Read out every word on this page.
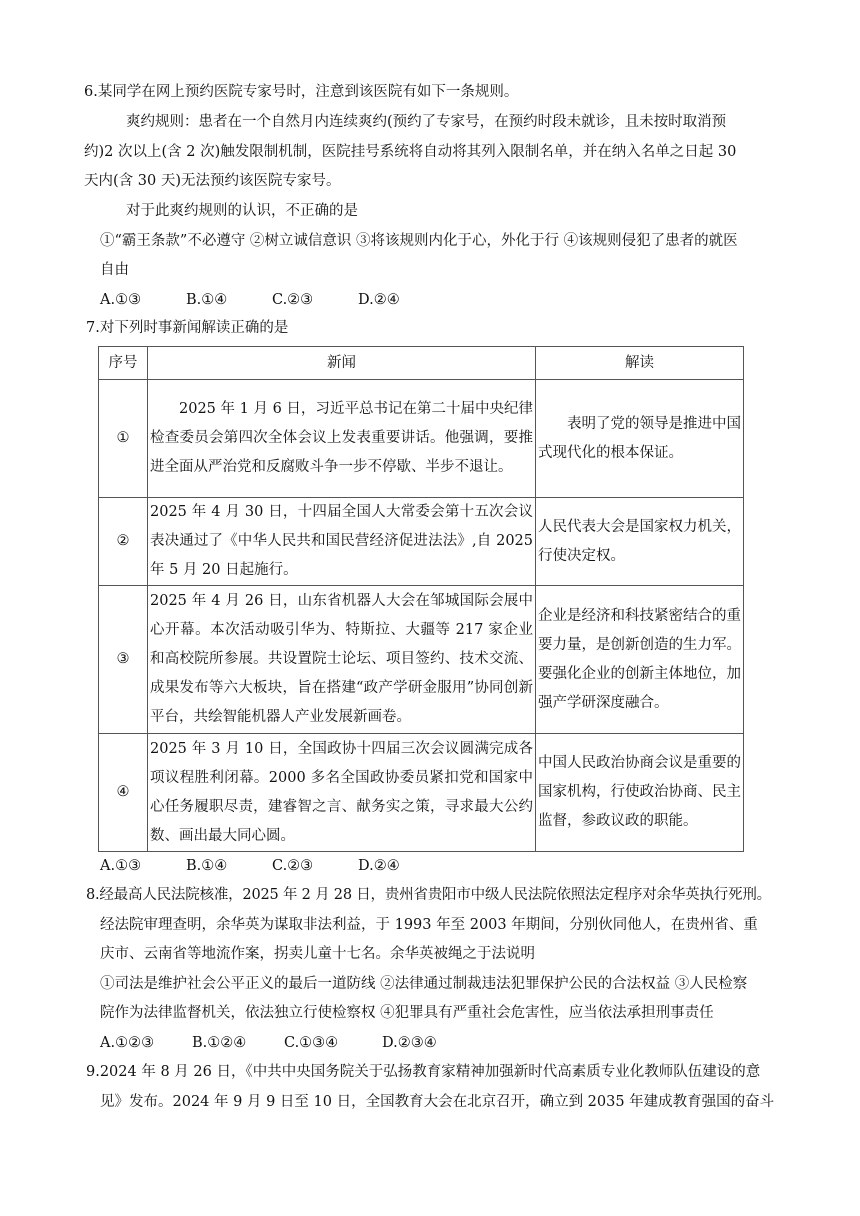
6.某同学在网上预约医院专家号时，注意到该医院有如下一条规则。
爽约规则：患者在一个自然月内连续爽约(预约了专家号，在预约时段未就诊，且未按时取消预
约)2 次以上(含 2 次)触发限制机制，医院挂号系统将自动将其列入限制名单，并在纳入名单之日起 30
天内(含 30 天)无法预约该医院专家号。
对于此爽约规则的认识，不正确的是
①“霸王条款”不必遵守 ②树立诚信意识 ③将该规则内化于心，外化于行 ④该规则侵犯了患者的就医
自由
A.①③	B.①④	C.②③	D.②④
7.对下列时事新闻解读正确的是
序号	新闻	解读
①	2025 年 1 月 6 日，习近平总书记在第二十届中央纪律检查委员会第四次全体会议上发表重要讲话。他强调，要推进全面从严治党和反腐败斗争一步不停歇、半步不退让。	表明了党的领导是推进中国式现代化的根本保证。
②	2025 年 4 月 30 日，十四届全国人大常委会第十五次会议表决通过了《中华人民共和国民营经济促进法法》,自 2025 年 5 月 20 日起施行。	人民代表大会是国家权力机关，行使决定权。
③	2025 年 4 月 26 日，山东省机器人大会在邹城国际会展中心开幕。本次活动吸引华为、特斯拉、大疆等 217 家企业和高校院所参展。共设置院士论坛、项目签约、技术交流、成果发布等六大板块，旨在搭建“政产学研金服用”协同创新平台，共绘智能机器人产业发展新画卷。	企业是经济和科技紧密结合的重要力量，是创新创造的生力军。要强化企业的创新主体地位，加强产学研深度融合。
④	2025 年 3 月 10 日，全国政协十四届三次会议圆满完成各项议程胜利闭幕。2000 多名全国政协委员紧扣党和国家中心任务履职尽责，建睿智之言、献务实之策，寻求最大公约数、画出最大同心圆。	中国人民政治协商会议是重要的国家机构，行使政治协商、民主监督，参政议政的职能。
A.①③	B.①④	C.②③	D.②④
8.经最高人民法院核准，2025 年 2 月 28 日，贵州省贵阳市中级人民法院依照法定程序对余华英执行死刑。
经法院审理查明，余华英为谋取非法利益，于 1993 年至 2003 年期间，分别伙同他人，在贵州省、重
庆市、云南省等地流作案，拐卖儿童十七名。余华英被绳之于法说明
①司法是维护社会公平正义的最后一道防线 ②法律通过制裁违法犯罪保护公民的合法权益 ③人民检察
院作为法律监督机关，依法独立行使检察权 ④犯罪具有严重社会危害性，应当依法承担刑事责任
A.①②③	B.①②④	C.①③④	D.②③④
9.2024 年 8 月 26 日，《中共中央国务院关于弘扬教育家精神加强新时代高素质专业化教师队伍建设的意
见》发布。2024 年 9 月 9 日至 10 日，全国教育大会在北京召开，确立到 2035 年建成教育强国的奋斗
